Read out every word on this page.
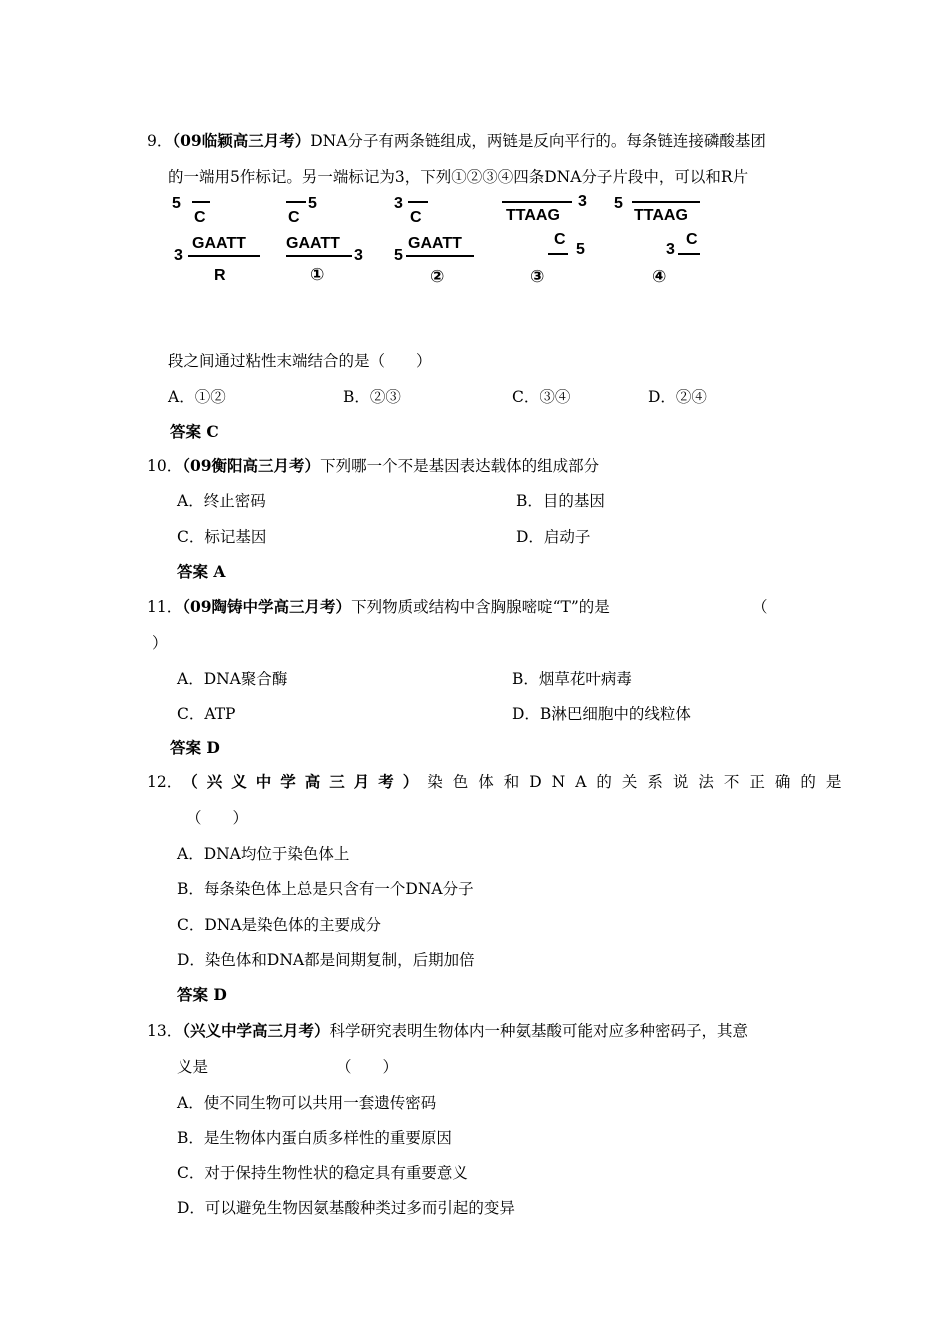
9．（09临颖高三月考）DNA分子有两条链组成，两链是反向平行的。每条链连接磷酸基团
的一端用5作标记。另一端标记为3，下列①②③④四条DNA分子片段中，可以和R片
5
C
GAATT
3
R
5
C
GAATT
3
①
3
C
GAATT
5
②
3
TTAAG
C
5
③
5
TTAAG
C
3
④
段之间通过粘性末端结合的是（　　）
A．①②	B．②③	C．③④	D．②④
答案 C
10．（09衡阳高三月考）下列哪一个不是基因表达载体的组成部分
A．终止密码	B．目的基因
C．标记基因	D．启动子
答案 A
11．（09陶铸中学高三月考）下列物质或结构中含胸腺嘧啶“T”的是	（
）
A．DNA聚合酶	B．烟草花叶病毒
C．ATP	D．B淋巴细胞中的线粒体
答案 D
12． （兴义中学高三月考） 染色体和DNA的关系说法不正确的是
（　　）
A．DNA均位于染色体上
B．每条染色体上总是只含有一个DNA分子
C．DNA是染色体的主要成分
D．染色体和DNA都是间期复制，后期加倍
答案 D
13．（兴义中学高三月考）科学研究表明生物体内一种氨基酸可能对应多种密码子，其意
义是	（　　）
A．使不同生物可以共用一套遗传密码
B．是生物体内蛋白质多样性的重要原因
C．对于保持生物性状的稳定具有重要意义
D．可以避免生物因氨基酸种类过多而引起的变异
